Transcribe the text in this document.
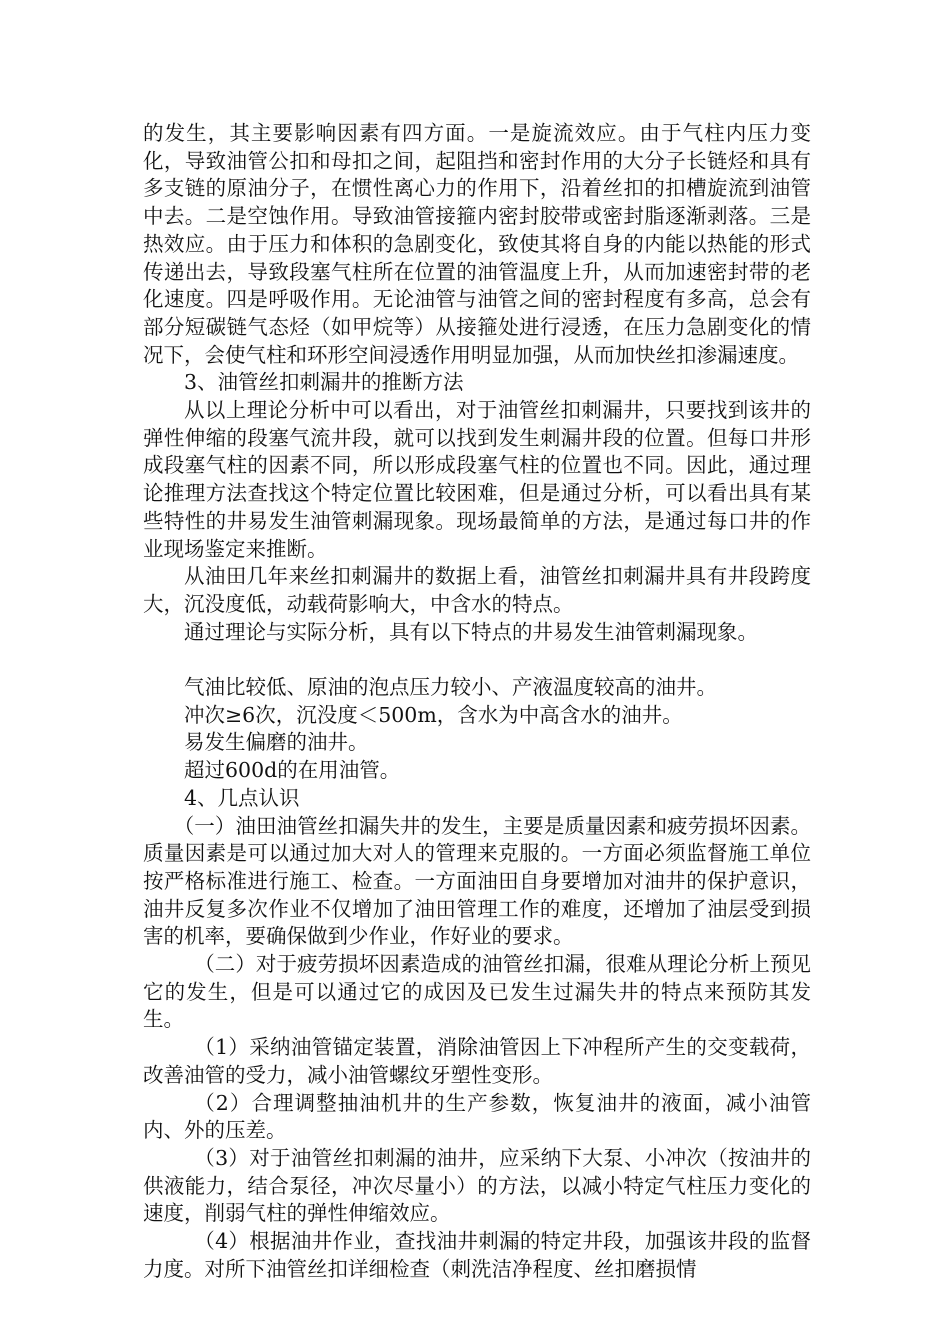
的发生，其主要影响因素有四方面。一是旋流效应。由于气柱内压力变化，导致油管公扣和母扣之间，起阻挡和密封作用的大分子长链烃和具有多支链的原油分子，在惯性离心力的作用下，沿着丝扣的扣槽旋流到油管中去。二是空蚀作用。导致油管接箍内密封胶带或密封脂逐渐剥落。三是热效应。由于压力和体积的急剧变化，致使其将自身的内能以热能的形式传递出去，导致段塞气柱所在位置的油管温度上升，从而加速密封带的老化速度。四是呼吸作用。无论油管与油管之间的密封程度有多高，总会有部分短碳链气态烃（如甲烷等）从接箍处进行浸透，在压力急剧变化的情况下，会使气柱和环形空间浸透作用明显加强，从而加快丝扣渗漏速度。

3、油管丝扣刺漏井的推断方法

从以上理论分析中可以看出，对于油管丝扣刺漏井，只要找到该井的弹性伸缩的段塞气流井段，就可以找到发生刺漏井段的位置。但每口井形成段塞气柱的因素不同，所以形成段塞气柱的位置也不同。因此，通过理论推理方法查找这个特定位置比较困难，但是通过分析，可以看出具有某些特性的井易发生油管刺漏现象。现场最简单的方法，是通过每口井的作业现场鉴定来推断。

从油田几年来丝扣刺漏井的数据上看，油管丝扣刺漏井具有井段跨度大，沉没度低，动载荷影响大，中含水的特点。

通过理论与实际分析，具有以下特点的井易发生油管刺漏现象。

气油比较低、原油的泡点压力较小、产液温度较高的油井。

冲次≥6次，沉没度＜500m，含水为中高含水的油井。

易发生偏磨的油井。

超过600d的在用油管。

4、几点认识

（一）油田油管丝扣漏失井的发生，主要是质量因素和疲劳损坏因素。质量因素是可以通过加大对人的管理来克服的。一方面必须监督施工单位按严格标准进行施工、检查。一方面油田自身要增加对油井的保护意识，油井反复多次作业不仅增加了油田管理工作的难度，还增加了油层受到损害的机率，要确保做到少作业，作好业的要求。

（二）对于疲劳损坏因素造成的油管丝扣漏，很难从理论分析上预见它的发生，但是可以通过它的成因及已发生过漏失井的特点来预防其发生。

（1）采纳油管锚定装置，消除油管因上下冲程所产生的交变载荷，改善油管的受力，减小油管螺纹牙塑性变形。

（2）合理调整抽油机井的生产参数，恢复油井的液面，减小油管内、外的压差。

（3）对于油管丝扣刺漏的油井，应采纳下大泵、小冲次（按油井的供液能力，结合泵径，冲次尽量小）的方法，以减小特定气柱压力变化的速度，削弱气柱的弹性伸缩效应。

（4）根据油井作业，查找油井刺漏的特定井段，加强该井段的监督力度。对所下油管丝扣详细检查（刺洗洁净程度、丝扣磨损情
